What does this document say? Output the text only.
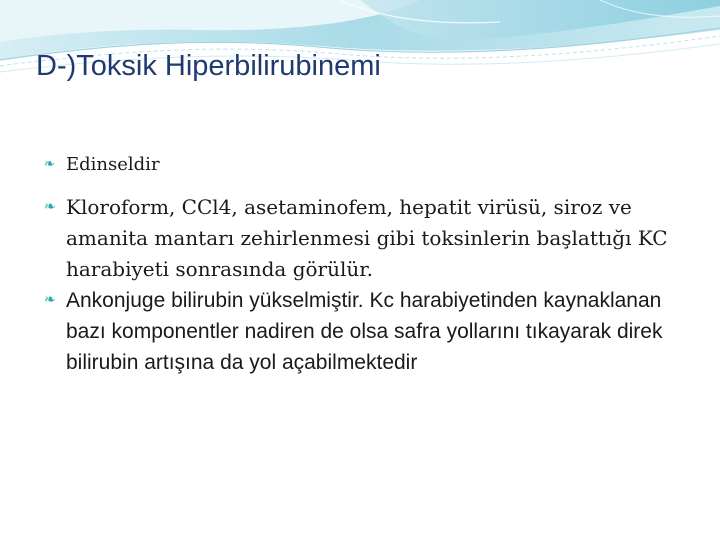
D-)Toksik Hiperbilirubinemi

❧ Edinseldir

❧ Kloroform, CCl4, asetaminofem, hepatit virüsü, siroz ve amanita mantarı zehirlenmesi gibi toksinlerin başlattığı KC harabiyeti sonrasında görülür.

❧ Ankonjuge bilirubin yükselmiştir. Kc harabiyetinden kaynaklanan bazı komponentler nadiren de olsa safra yollarını tıkayarak direk bilirubin artışına da yol açabilmektedir
